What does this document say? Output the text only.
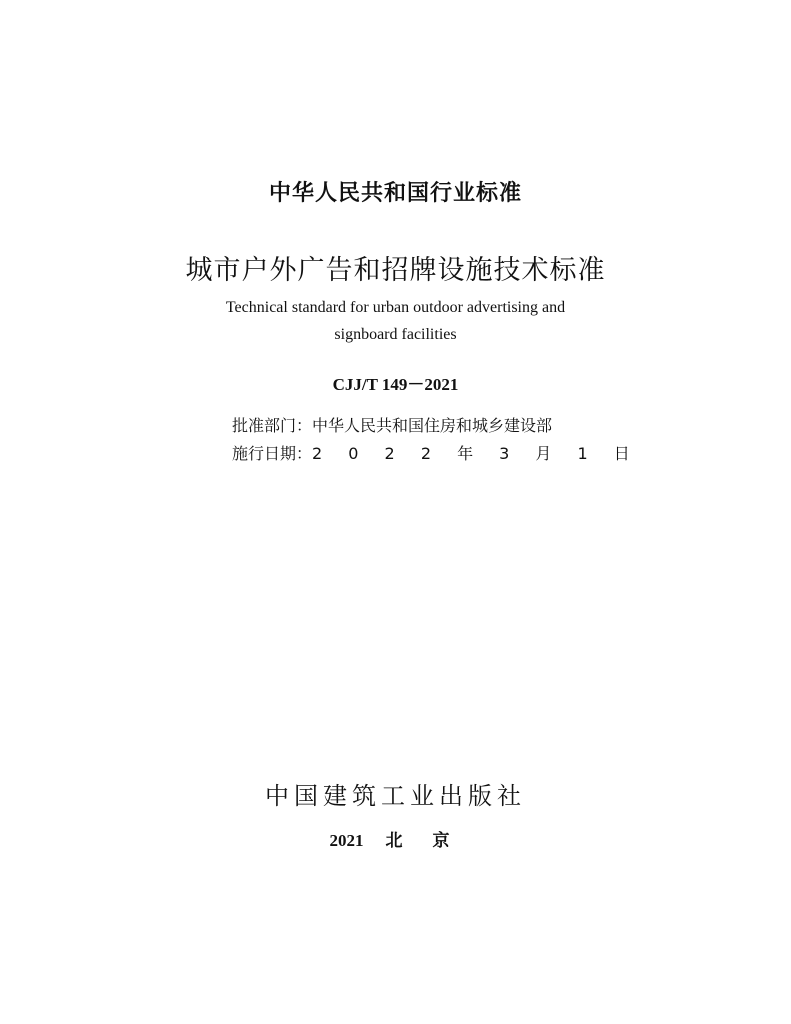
中华人民共和国行业标准
城市户外广告和招牌设施技术标准
Technical standard for urban outdoor advertising and
signboard facilities
CJJ/T 149－2021
批准部门：中华人民共和国住房和城乡建设部
施行日期：2 0 2 2 年 3 月 1 日
中国建筑工业出版社
2021 北 京
